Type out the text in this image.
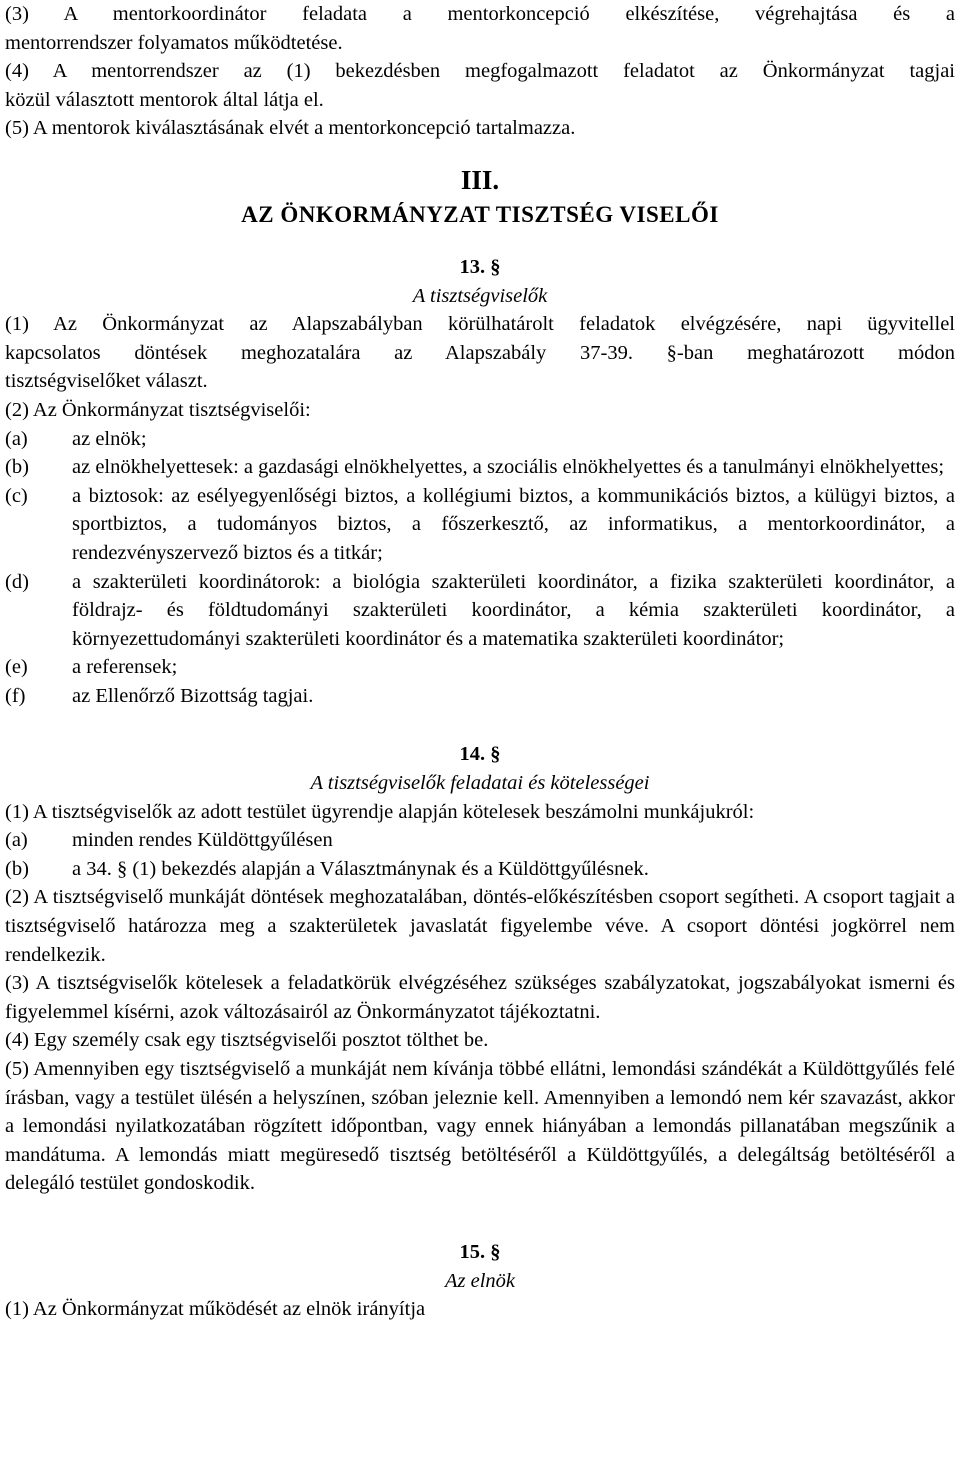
(3) A mentorkoordinátor feladata a mentorkoncepció elkészítése, végrehajtása és a

mentorrendszer folyamatos működtetése.

(4) A mentorrendszer az (1) bekezdésben megfogalmazott feladatot az Önkormányzat tagjai

közül választott mentorok által látja el.

(5) A mentorok kiválasztásának elvét a mentorkoncepció tartalmazza.

III.
AZ ÖNKORMÁNYZAT TISZTSÉG VISELŐI
13. §
A tisztségviselők

(1) Az Önkormányzat az Alapszabályban körülhatárolt feladatok elvégzésére, napi ügyvitellel

kapcsolatos döntések meghozatalára az Alapszabály 37-39. §-ban meghatározott módon

tisztségviselőket választ.

(2) Az Önkormányzat tisztségviselői:

(a)	az elnök;
(b)	az elnökhelyettesek: a gazdasági elnökhelyettes, a szociális elnökhelyettes és a tanulmányi elnökhelyettes;
(c)	a biztosok: az esélyegyenlőségi biztos, a kollégiumi biztos, a kommunikációs biztos, a külügyi biztos, a sportbiztos, a tudományos biztos, a főszerkesztő, az informatikus, a mentorkoordinátor, a rendezvényszervező biztos és a titkár;
(d)	a szakterületi koordinátorok: a biológia szakterületi koordinátor, a fizika szakterületi koordinátor, a földrajz- és földtudományi szakterületi koordinátor, a kémia szakterületi koordinátor, a környezettudományi szakterületi koordinátor és a matematika szakterületi koordinátor;
(e)	a referensek;
(f)	az Ellenőrző Bizottság tagjai.
14. §
A tisztségviselők feladatai és kötelességei

(1) A tisztségviselők az adott testület ügyrendje alapján kötelesek beszámolni munkájukról:

(a)	minden rendes Küldöttgyűlésen
(b)	a 34. § (1) bekezdés alapján a Választmánynak és a Küldöttgyűlésnek.

(2) A tisztségviselő munkáját döntések meghozatalában, döntés-előkészítésben csoport segítheti. A csoport tagjait a tisztségviselő határozza meg a szakterületek javaslatát figyelembe véve. A csoport döntési jogkörrel nem rendelkezik.

(3) A tisztségviselők kötelesek a feladatkörük elvégzéséhez szükséges szabályzatokat, jogszabályokat ismerni és figyelemmel kísérni, azok változásairól az Önkormányzatot tájékoztatni.

(4) Egy személy csak egy tisztségviselői posztot tölthet be.

(5) Amennyiben egy tisztségviselő a munkáját nem kívánja többé ellátni, lemondási szándékát a Küldöttgyűlés felé írásban, vagy a testület ülésén a helyszínen, szóban jeleznie kell. Amennyiben a lemondó nem kér szavazást, akkor a lemondási nyilatkozatában rögzített időpontban, vagy ennek hiányában a lemondás pillanatában megszűnik a mandátuma. A lemondás miatt megüresedő tisztség betöltéséről a Küldöttgyűlés, a delegáltság betöltéséről a delegáló testület gondoskodik.

15. §
Az elnök

(1) Az Önkormányzat működését az elnök irányítja
